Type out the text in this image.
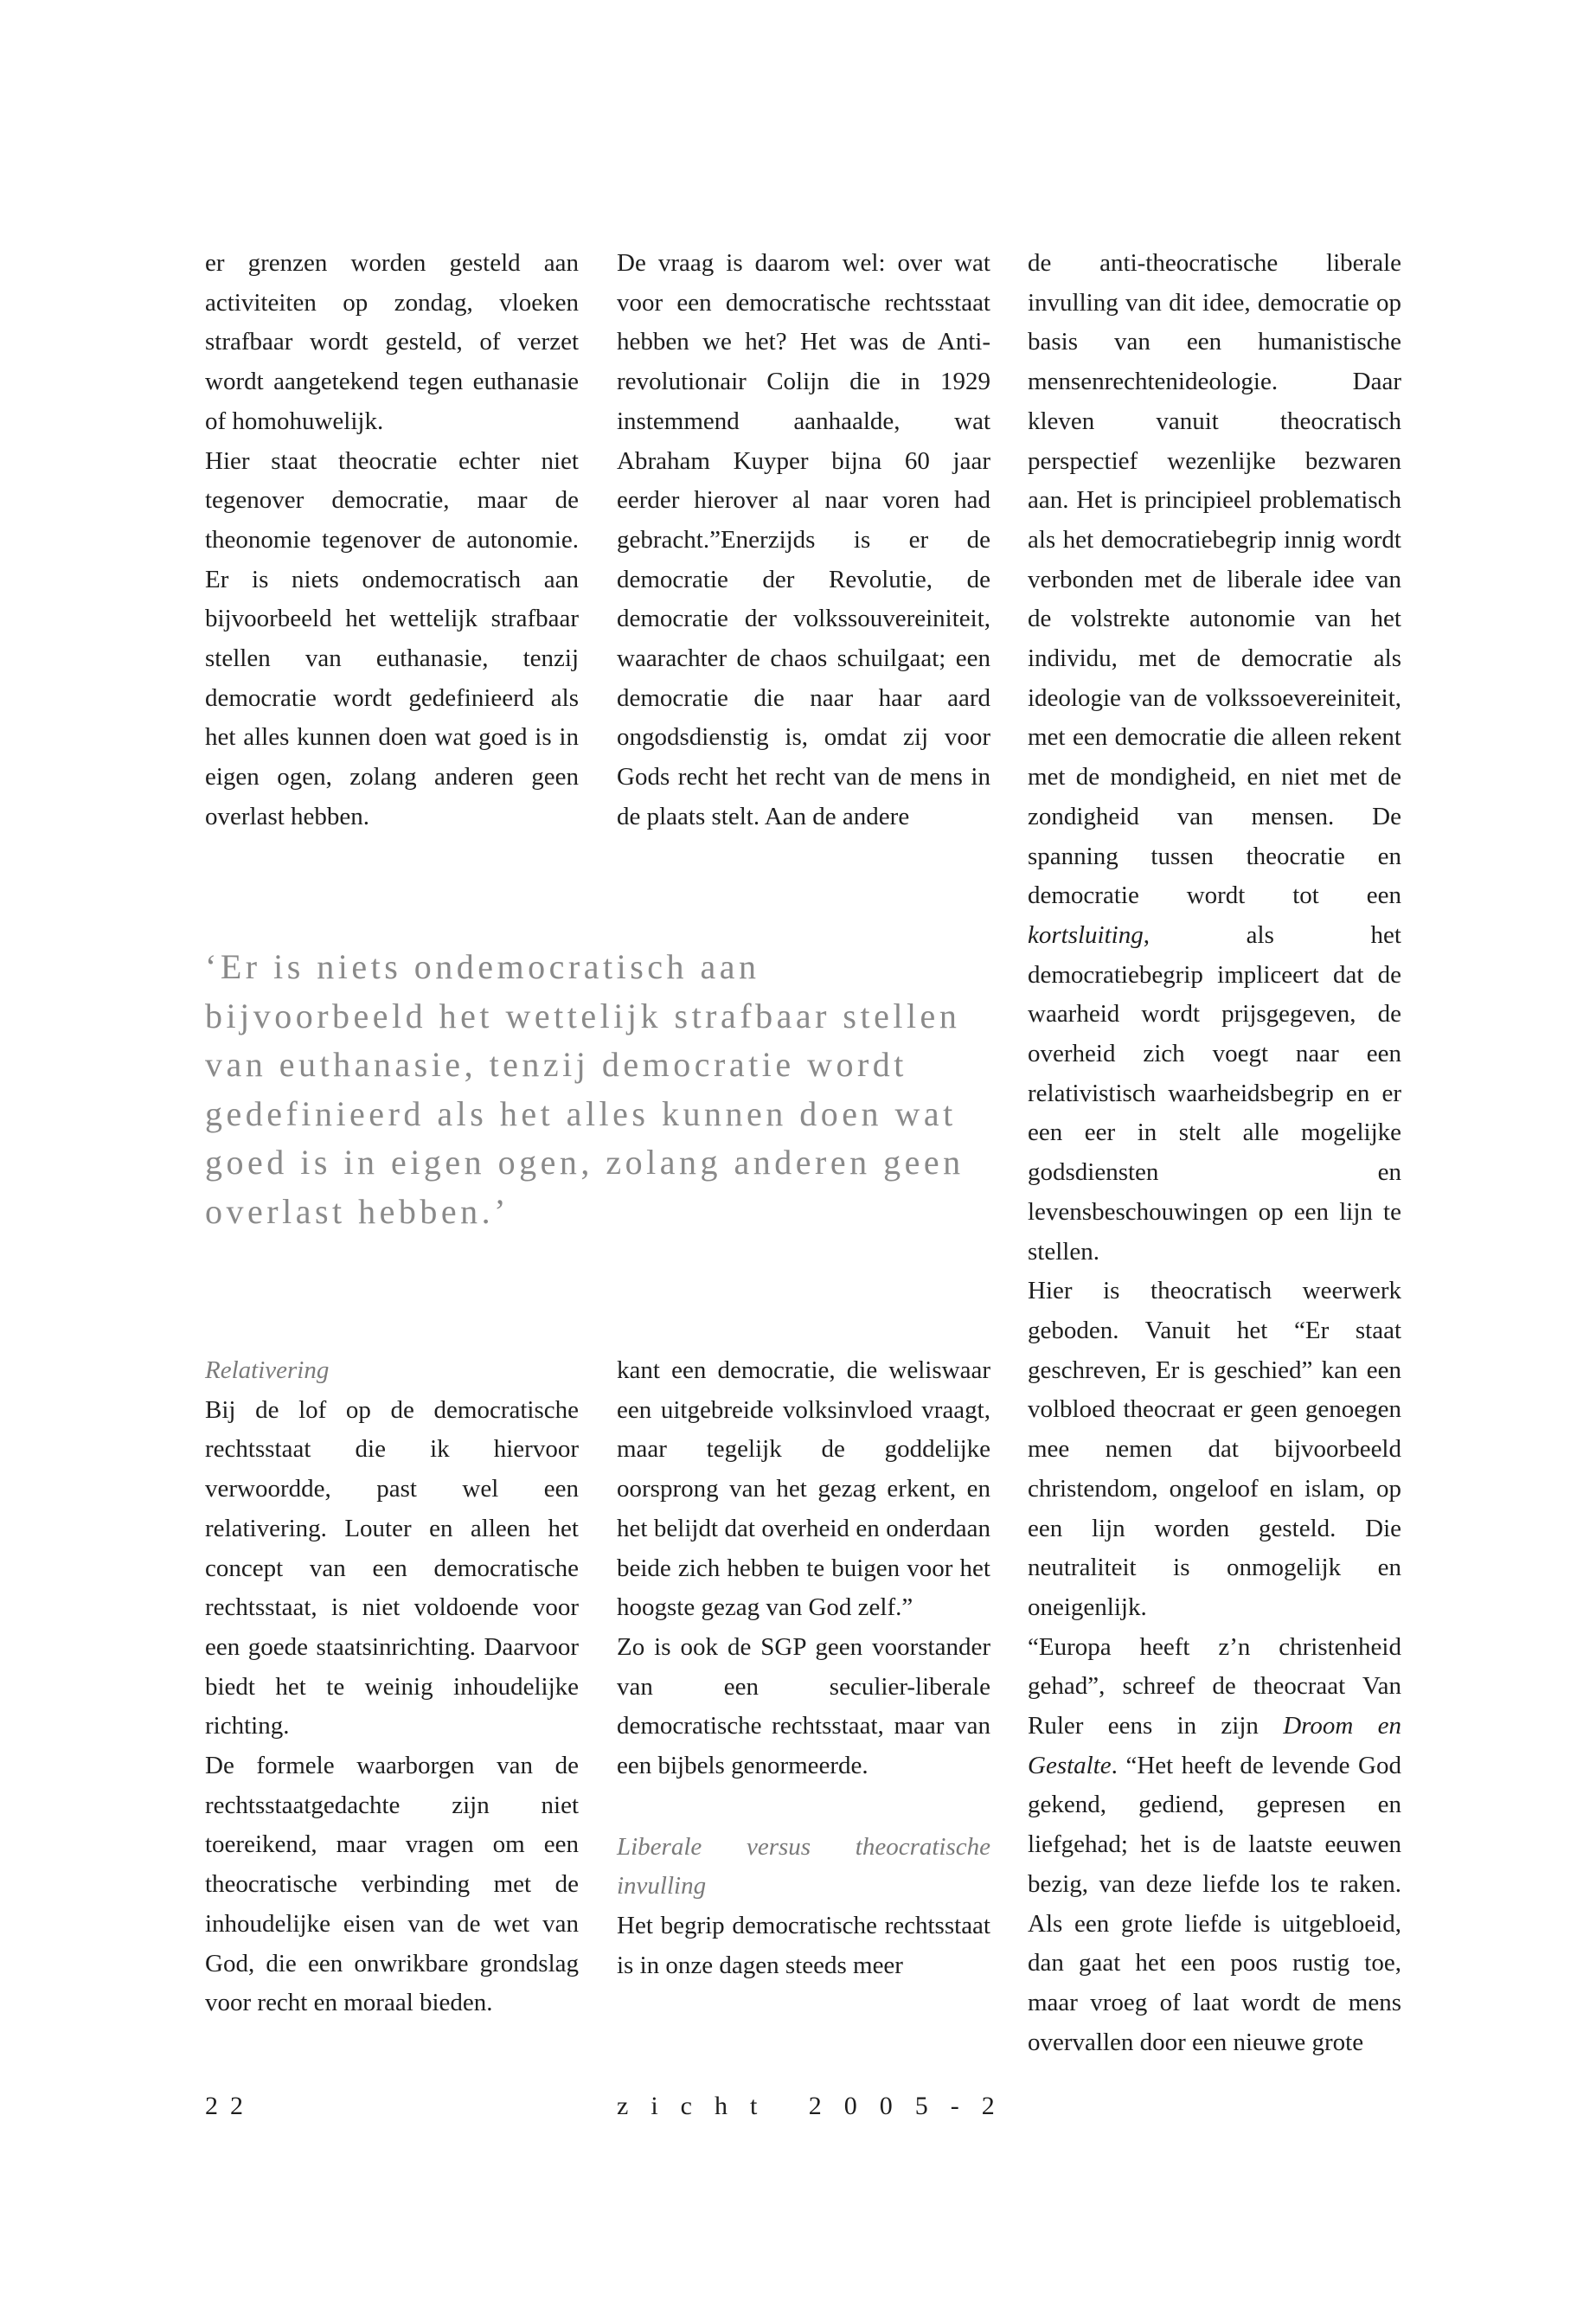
er grenzen worden gesteld aan activiteiten op zondag, vloeken strafbaar wordt gesteld, of verzet wordt aangetekend tegen euthanasie of homohuwelijk.

Hier staat theocratie echter niet tegenover democratie, maar de theonomie tegenover de autonomie. Er is niets ondemocratisch aan bijvoorbeeld het wettelijk strafbaar stellen van euthanasie, tenzij democratie wordt gedefinieerd als het alles kunnen doen wat goed is in eigen ogen, zolang anderen geen overlast hebben.

De vraag is daarom wel: over wat voor een democratische rechtsstaat hebben we het? Het was de Anti-revolutionair Colijn die in 1929 instemmend aanhaalde, wat Abraham Kuyper bijna 60 jaar eerder hierover al naar voren had gebracht.”Enerzijds is er de democratie der Revolutie, de democratie der volkssouvereiniteit, waarachter de chaos schuilgaat; een democratie die naar haar aard ongodsdienstig is, omdat zij voor Gods recht het recht van de mens in de plaats stelt. Aan de andere

‘Er is niets ondemocratisch aan bijvoorbeeld het wettelijk strafbaar stellen van euthanasie, tenzij democratie wordt gedefinieerd als het alles kunnen doen wat goed is in eigen ogen, zolang anderen geen overlast hebben.’

Relativering

Bij de lof op de democratische rechtsstaat die ik hiervoor verwoordde, past wel een relativering. Louter en alleen het concept van een democratische rechtsstaat, is niet voldoende voor een goede staatsinrichting. Daarvoor biedt het te weinig inhoudelijke richting.

De formele waarborgen van de rechtsstaatgedachte zijn niet toereikend, maar vragen om een theocratische verbinding met de inhoudelijke eisen van de wet van God, die een onwrikbare grondslag voor recht en moraal bieden.

kant een democratie, die weliswaar een uitgebreide volksinvloed vraagt, maar tegelijk de goddelijke oorsprong van het gezag erkent, en het belijdt dat overheid en onderdaan beide zich hebben te buigen voor het hoogste gezag van God zelf.”

Zo is ook de SGP geen voorstander van een seculier-liberale democratische rechtsstaat, maar van een bijbels genormeerde.

Liberale versus theocratische invulling

Het begrip democratische rechtsstaat is in onze dagen steeds meer

de anti-theocratische liberale invulling van dit idee, democratie op basis van een humanistische mensenrechtenideologie. Daar kleven vanuit theocratisch perspectief wezenlijke bezwaren aan. Het is principieel problematisch als het democratiebegrip innig wordt verbonden met de liberale idee van de volstrekte autonomie van het individu, met de democratie als ideologie van de volkssoevereiniteit, met een democratie die alleen rekent met de mondigheid, en niet met de zondigheid van mensen. De spanning tussen theocratie en democratie wordt tot een kortsluiting, als het democratiebegrip impliceert dat de waarheid wordt prijsgegeven, de overheid zich voegt naar een relativistisch waarheidsbegrip en er een eer in stelt alle mogelijke godsdiensten en levensbeschouwingen op een lijn te stellen.

Hier is theocratisch weerwerk geboden. Vanuit het “Er staat geschreven, Er is geschied” kan een volbloed theocraat er geen genoegen mee nemen dat bijvoorbeeld christendom, ongeloof en islam, op een lijn worden gesteld. Die neutraliteit is onmogelijk en oneigenlijk.

“Europa heeft z’n christenheid gehad”, schreef de theocraat Van Ruler eens in zijn Droom en Gestalte. “Het heeft de levende God gekend, gediend, gepresen en liefgehad; het is de laatste eeuwen bezig, van deze liefde los te raken. Als een grote liefde is uitgebloeid, dan gaat het een poos rustig toe, maar vroeg of laat wordt de mens overvallen door een nieuwe grote

22	zicht 2005-2
